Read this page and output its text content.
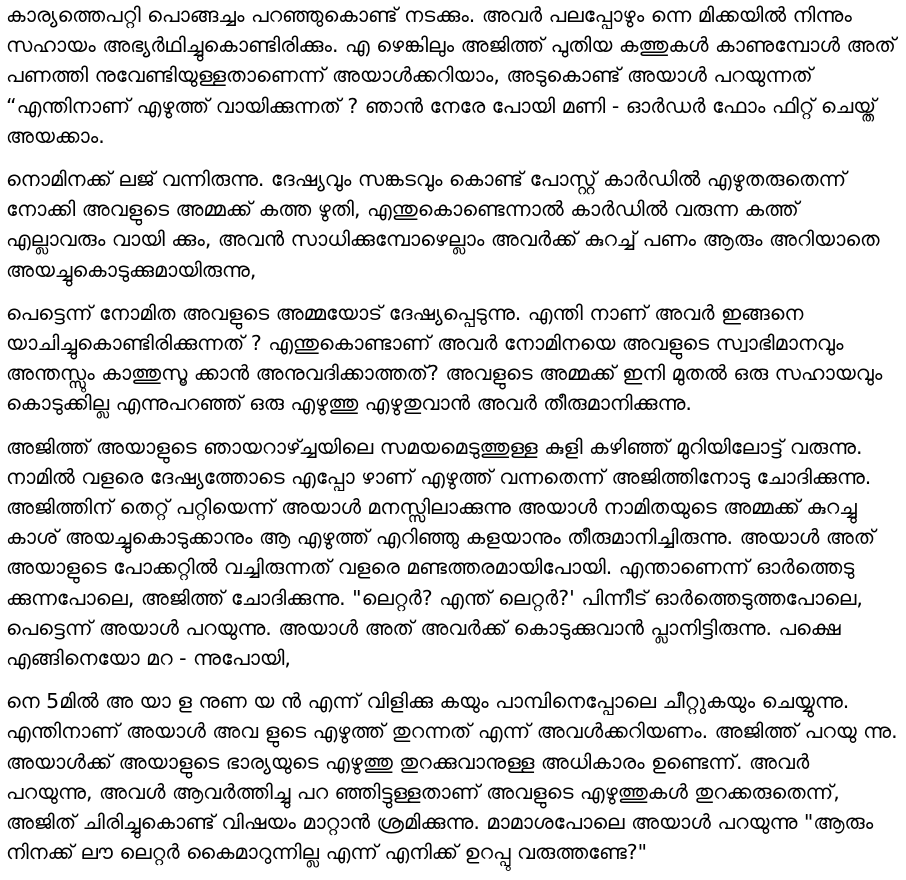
കാര്യത്തെപറ്റി പൊങ്ങച്ചം പറഞ്ഞുകൊണ്ട് നടക്കും. അവർ പലപ്പോഴും ന്നെ മിക്കയിൽ നിന്നും സഹായം അഭ്യർഥിച്ചുകൊണ്ടിരിക്കും. എ ഴെങ്കിലും അജിത്ത് പുതിയ കത്തുകൾ കാണുമ്പോൾ അത് പണത്തി നുവേണ്ടിയുള്ളതാണെന്ന് അയാൾക്കറിയാം, അടുകൊണ്ട് അയാൾ പറയുന്നത് “എന്തിനാണ് എഴുത്ത് വായിക്കുന്നത് ? ഞാൻ നേരേ പോയി മണി - ഓർഡർ ഫോം ഫിറ്റ് ചെയ്ത് അയക്കാം.

നൊമിനക്ക് ലജ് വന്നിരുന്നു. ദേഷ്യവും സങ്കടവും കൊണ്ട് പോസ്റ്റ് കാർഡിൽ എഴുതരുതെന്ന് നോക്കി അവളുടെ അമ്മക്ക് കത്ത ഴുതി, എന്തുകൊണ്ടെന്നാൽ കാർഡിൽ വരുന്ന കത്ത് എല്ലാവരും വായി ക്കും, അവൻ സാധിക്കുമ്പോഴെല്ലാം അവർക്ക് കുറച്ച് പണം ആരും അറിയാതെ അയച്ചുകൊടുക്കുമായിരുന്നു,

പെട്ടെന്ന് നോമിത അവളുടെ അമ്മയോട് ദേഷ്യപ്പെടുന്നു. എന്തി നാണ് അവർ ഇങ്ങനെ യാചിച്ചുകൊണ്ടിരിക്കുന്നത് ? എന്തുകൊണ്ടാണ് അവർ നോമിനയെ അവളുടെ സ്വാഭിമാനവും അന്തസ്സും കാത്തുസൂ ക്കാൻ അനുവദിക്കാത്തത്? അവളുടെ അമ്മക്ക് ഇനി മുതൽ ഒരു സഹായവും കൊടുക്കില്ല എന്നുപറഞ്ഞ് ഒരു എഴുത്തു എഴുതുവാൻ അവർ തീരുമാനിക്കുന്നു.

അജിത്ത് അയാളുടെ ഞായറാഴ്ച്ചയിലെ സമയമെടുത്തുള്ള കുളി കഴിഞ്ഞ് മുറിയിലോട്ട് വരുന്നു. നാമിൽ വളരെ ദേഷ്യത്തോടെ എപ്പോ ഴാണ് എഴുത്ത് വന്നതെന്ന് അജിത്തിനോടു ചോദിക്കുന്നു. അജിത്തിന് തെറ്റ് പറ്റിയെന്ന് അയാൾ മനസ്സിലാക്കുന്നു അയാൾ നാമിതയുടെ അമ്മക്ക് കുറച്ചു കാശ് അയച്ചുകൊടുക്കാനും ആ എഴുത്ത് എറിഞ്ഞു കളയാനും തീരുമാനിച്ചിരുന്നു. അയാൾ അത് അയാളുടെ പോക്കറ്റിൽ വച്ചിരുന്നത് വളരെ മണ്ടത്തരമായിപോയി. എന്താണെന്ന് ഓർത്തെടു ക്കുന്നപോലെ, അജിത്ത് ചോദിക്കുന്നു. "ലെറ്റർ? എന്ത് ലെറ്റർ?' പിന്നീട് ഓർത്തെടുത്തപോലെ, പെട്ടെന്ന് അയാൾ പറയുന്നു. അയാൾ അത് അവർക്ക് കൊടുക്കുവാൻ പ്ലാനിട്ടിരുന്നു. പക്ഷെ എങ്ങിനെയോ മറ - ന്നുപോയി,

നെ 5മിൽ അ യാ ള നുണ യ ൻ എന്ന് വിളിക്കു കയും പാമ്പിനെപ്പോലെ ചീറ്റുകയും ചെയ്യുന്നു. എന്തിനാണ് അയാൾ അവ ളുടെ എഴുത്ത് തുറന്നത് എന്ന് അവൾക്കറിയണം. അജിത്ത് പറയു ന്നു. അയാൾക്ക് അയാളുടെ ഭാര്യയുടെ എഴുത്തു തുറക്കുവാനുള്ള അധികാരം ഉണ്ടെന്ന്. അവർ പറയുന്നു, അവൾ ആവർത്തിച്ചു പറ ഞ്ഞിട്ടുള്ളതാണ് അവളുടെ എഴുത്തുകൾ തുറക്കരുതെന്ന്, അജിത് ചിരിച്ചുകൊണ്ട് വിഷയം മാറ്റാൻ ശ്രമിക്കുന്നു. മാമാശപോലെ അയാൾ പറയുന്നു "ആരും നിനക്ക് ലൗ ലെറ്റർ കൈമാറുന്നില്ല എന്ന് എനിക്ക് ഉറപ്പു വരുത്തണ്ടേ?"
